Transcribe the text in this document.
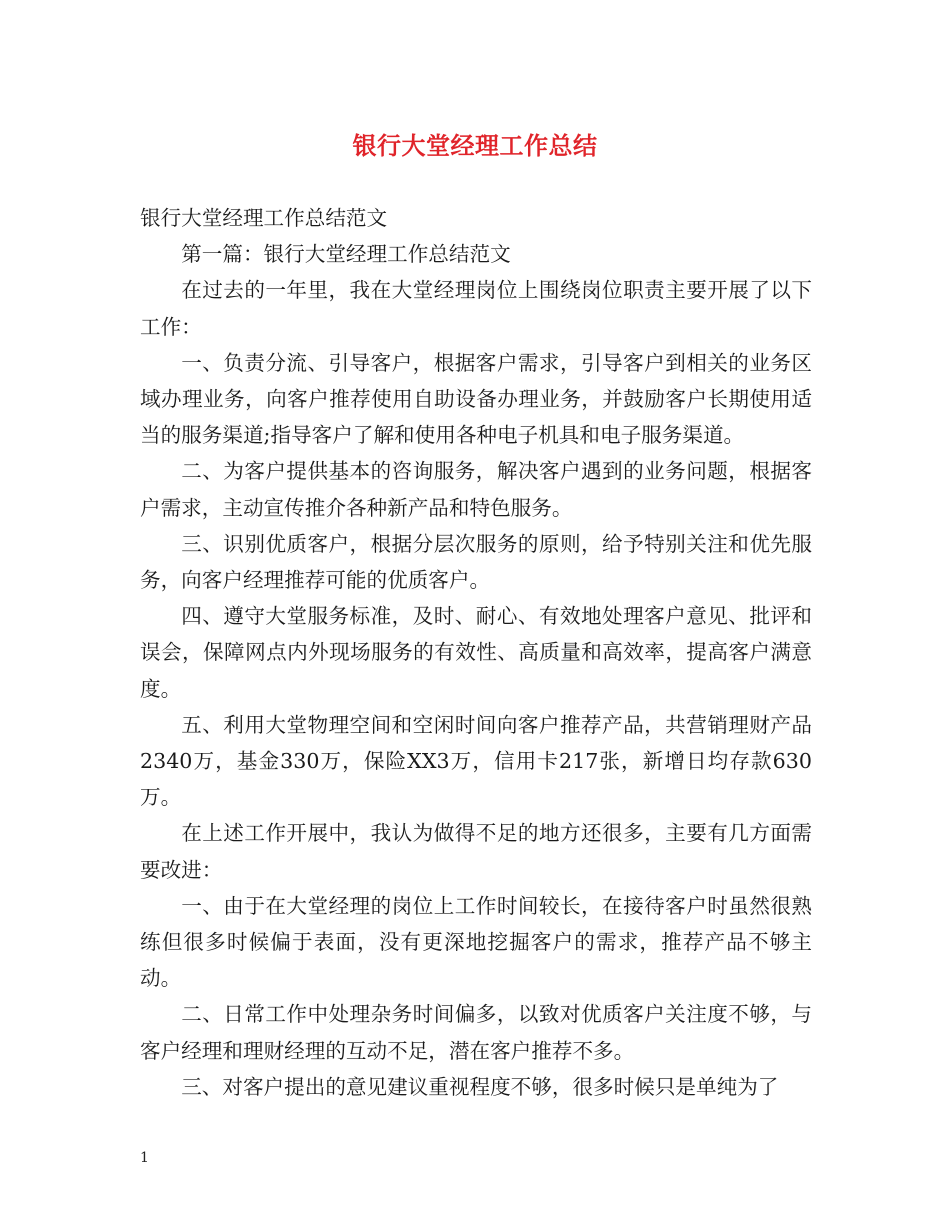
银行大堂经理工作总结

银行大堂经理工作总结范文

第一篇：银行大堂经理工作总结范文

在过去的一年里，我在大堂经理岗位上围绕岗位职责主要开展了以下工作：

一、负责分流、引导客户，根据客户需求，引导客户到相关的业务区域办理业务，向客户推荐使用自助设备办理业务，并鼓励客户长期使用适当的服务渠道;指导客户了解和使用各种电子机具和电子服务渠道。

二、为客户提供基本的咨询服务，解决客户遇到的业务问题，根据客户需求，主动宣传推介各种新产品和特色服务。

三、识别优质客户，根据分层次服务的原则，给予特别关注和优先服务，向客户经理推荐可能的优质客户。

四、遵守大堂服务标准，及时、耐心、有效地处理客户意见、批评和误会，保障网点内外现场服务的有效性、高质量和高效率，提高客户满意度。

五、利用大堂物理空间和空闲时间向客户推荐产品，共营销理财产品2340万，基金330万，保险XX3万，信用卡217张，新增日均存款630万。

在上述工作开展中，我认为做得不足的地方还很多，主要有几方面需要改进：

一、由于在大堂经理的岗位上工作时间较长，在接待客户时虽然很熟练但很多时候偏于表面，没有更深地挖掘客户的需求，推荐产品不够主动。

二、日常工作中处理杂务时间偏多，以致对优质客户关注度不够，与客户经理和理财经理的互动不足，潜在客户推荐不多。

三、对客户提出的意见建议重视程度不够，很多时候只是单纯为了

1
